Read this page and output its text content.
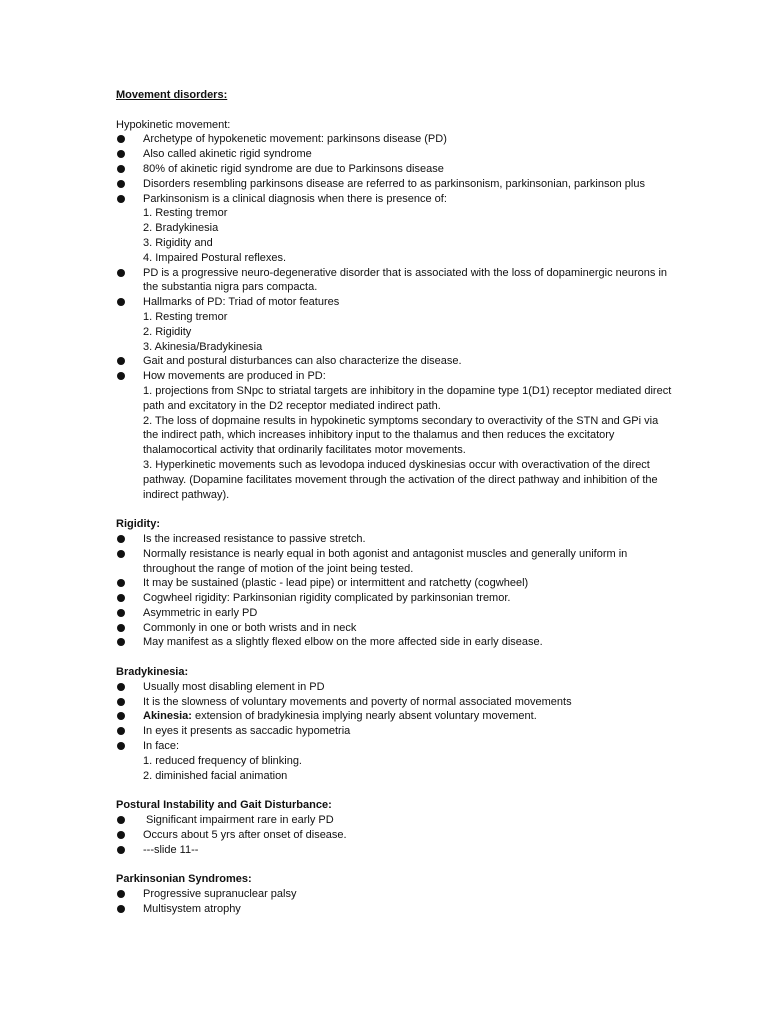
Movement disorders:
Hypokinetic movement:
Archetype of hypokenetic movement: parkinsons disease (PD)
Also called akinetic rigid syndrome
80% of akinetic rigid syndrome are due to Parkinsons disease
Disorders resembling parkinsons disease are referred to as parkinsonism, parkinsonian, parkinson plus
Parkinsonism is a clinical diagnosis when there is presence of:
1. Resting tremor
2. Bradykinesia
3. Rigidity and
4. Impaired Postural reflexes.
PD is a progressive neuro-degenerative disorder that is associated with the loss of dopaminergic neurons in the substantia nigra pars compacta.
Hallmarks of PD: Triad of motor features
1. Resting tremor
2. Rigidity
3. Akinesia/Bradykinesia
Gait and postural disturbances can also characterize the disease.
How movements are produced in PD:
1. projections from SNpc to striatal targets are inhibitory in the dopamine type 1(D1) receptor mediated direct path and excitatory in the D2 receptor mediated indirect path.
2. The loss of dopmaine results in hypokinetic symptoms secondary to overactivity of the STN and GPi via the indirect path, which increases inhibitory input to the thalamus and then reduces the excitatory thalamocortical activity that ordinarily facilitates motor movements.
3. Hyperkinetic movements such as levodopa induced dyskinesias occur with overactivation of the direct pathway. (Dopamine facilitates movement through the activation of the direct pathway and inhibition of the indirect pathway).
Rigidity:
Is the increased resistance to passive stretch.
Normally resistance is nearly equal in both agonist and antagonist muscles and generally uniform in throughout the range of motion of the joint being tested.
It may be sustained (plastic - lead pipe) or intermittent and ratchetty (cogwheel)
Cogwheel rigidity: Parkinsonian rigidity complicated by parkinsonian tremor.
Asymmetric in early PD
Commonly in one or both wrists and in neck
May manifest as a slightly flexed elbow on the more affected side in early disease.
Bradykinesia:
Usually most disabling element in PD
It is the slowness of voluntary movements and poverty of normal associated movements
Akinesia: extension of bradykinesia implying nearly absent voluntary movement.
In eyes it presents as saccadic hypometria
In face:
1. reduced frequency of blinking.
2. diminished facial animation
Postural Instability and Gait Disturbance:
Significant impairment rare in early PD
Occurs about 5 yrs after onset of disease.
---slide 11--
Parkinsonian Syndromes:
Progressive supranuclear palsy
Multisystem atrophy
